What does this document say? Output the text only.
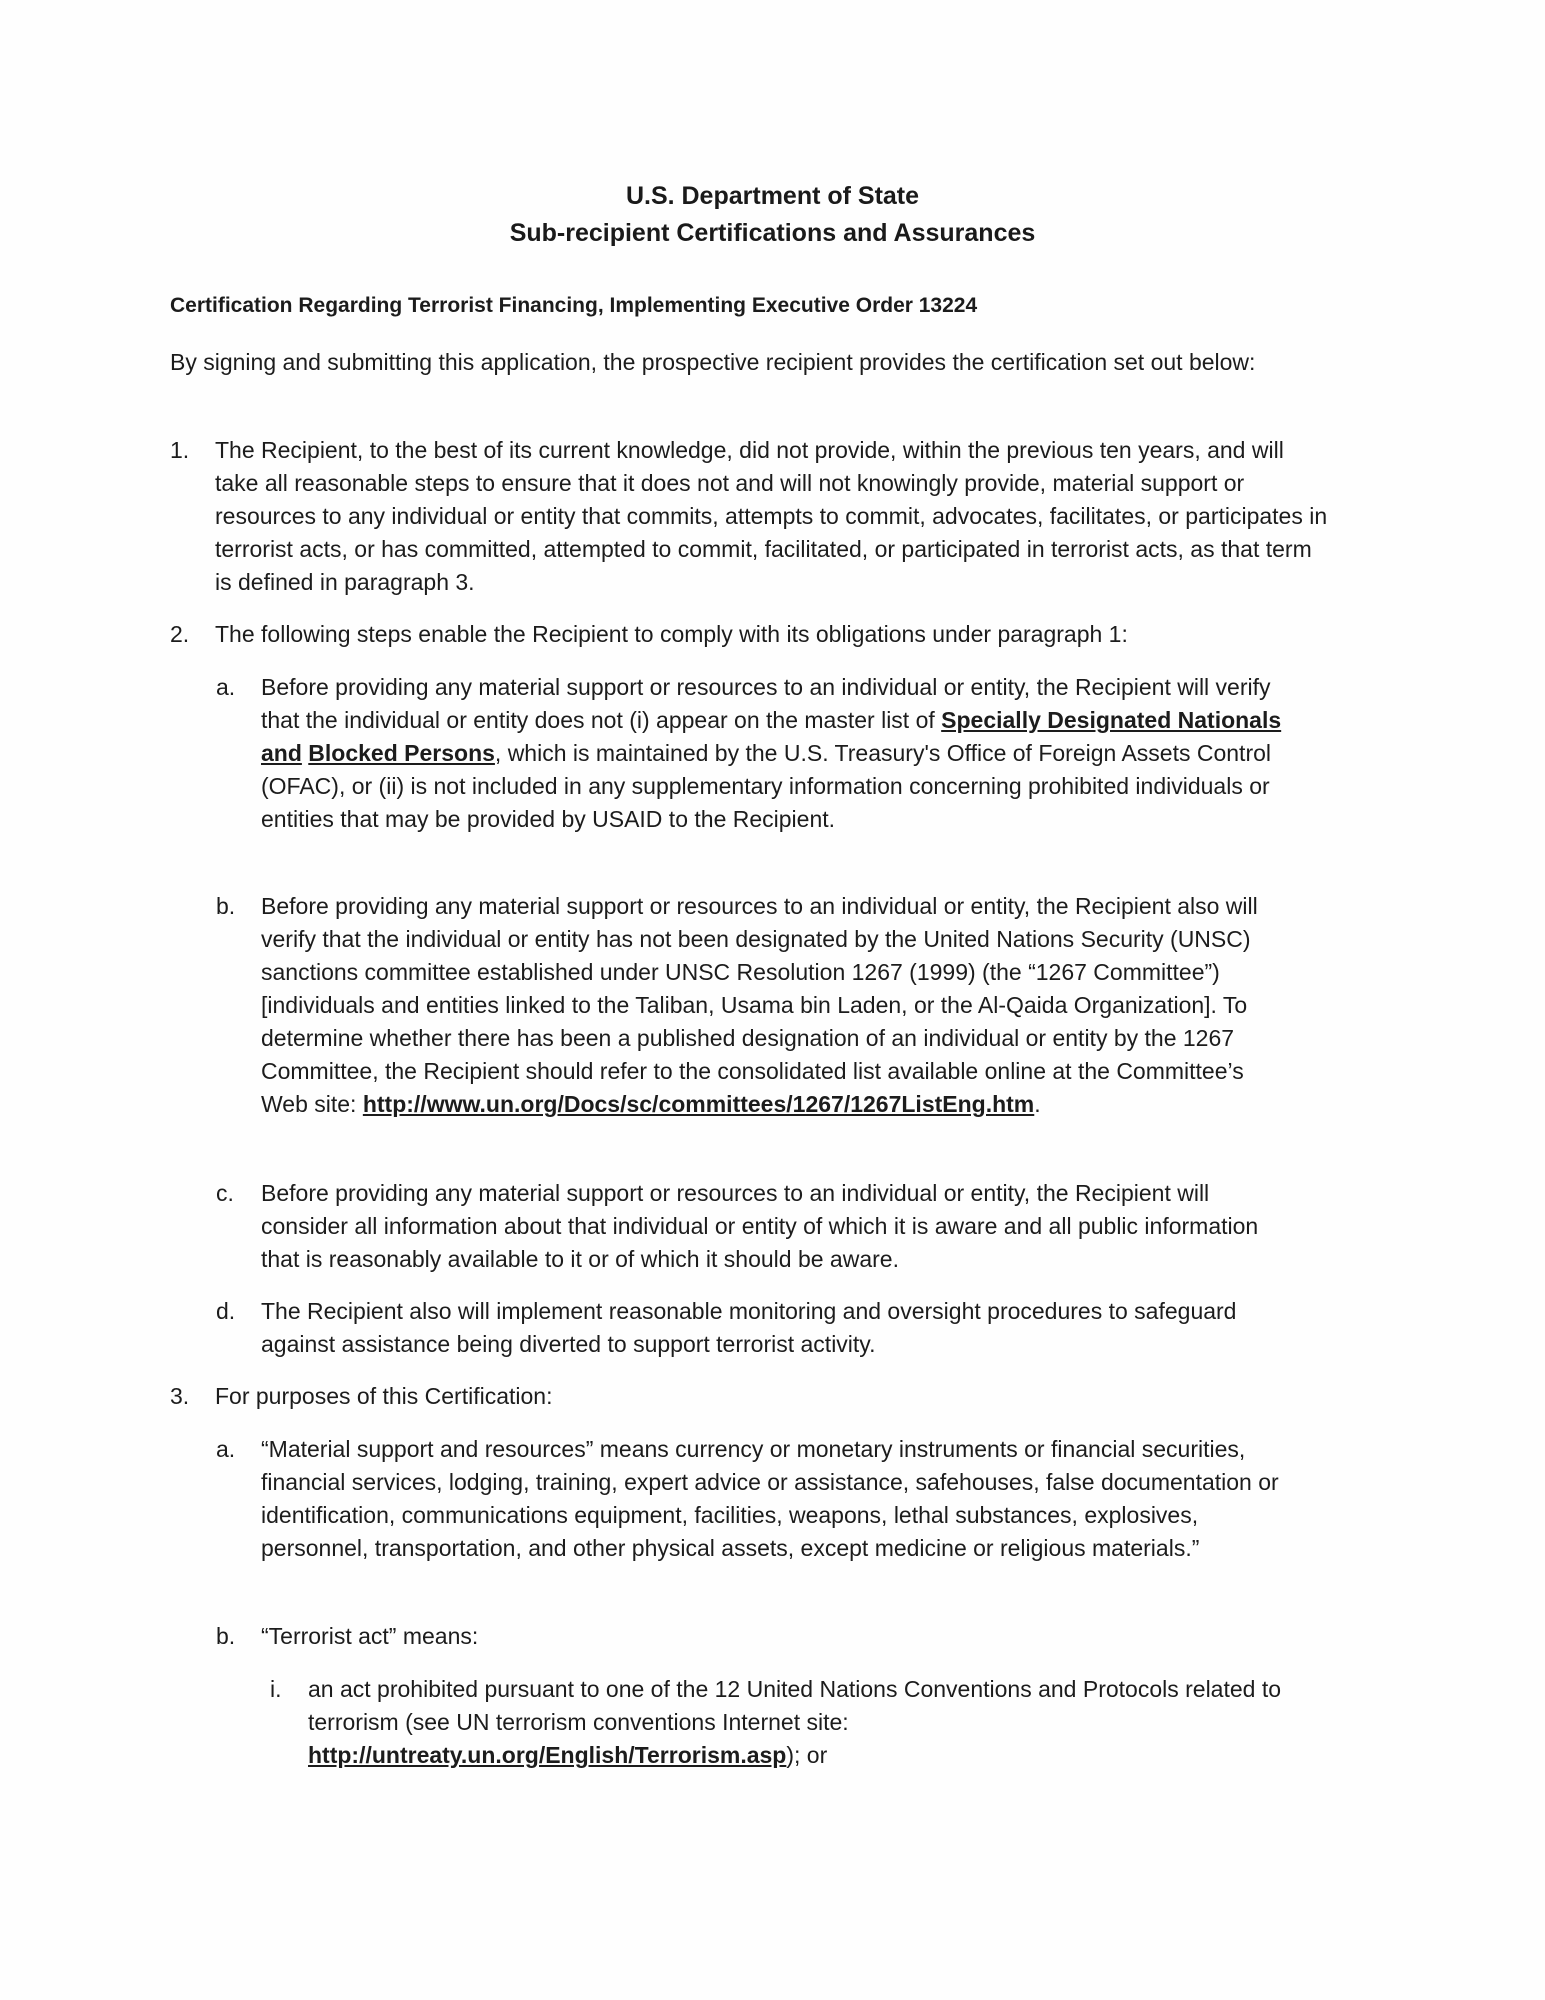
U.S. Department of State
Sub-recipient Certifications and Assurances
Certification Regarding Terrorist Financing, Implementing Executive Order 13224
By signing and submitting this application, the prospective recipient provides the certification set out below:
1. The Recipient, to the best of its current knowledge, did not provide, within the previous ten years, and will take all reasonable steps to ensure that it does not and will not knowingly provide, material support or resources to any individual or entity that commits, attempts to commit, advocates, facilitates, or participates in terrorist acts, or has committed, attempted to commit, facilitated, or participated in terrorist acts, as that term is defined in paragraph 3.
2. The following steps enable the Recipient to comply with its obligations under paragraph 1:
a. Before providing any material support or resources to an individual or entity, the Recipient will verify that the individual or entity does not (i) appear on the master list of Specially Designated Nationals and Blocked Persons, which is maintained by the U.S. Treasury's Office of Foreign Assets Control (OFAC), or (ii) is not included in any supplementary information concerning prohibited individuals or entities that may be provided by USAID to the Recipient.
b. Before providing any material support or resources to an individual or entity, the Recipient also will verify that the individual or entity has not been designated by the United Nations Security (UNSC) sanctions committee established under UNSC Resolution 1267 (1999) (the “1267 Committee”) [individuals and entities linked to the Taliban, Usama bin Laden, or the Al-Qaida Organization]. To determine whether there has been a published designation of an individual or entity by the 1267 Committee, the Recipient should refer to the consolidated list available online at the Committee’s Web site: http://www.un.org/Docs/sc/committees/1267/1267ListEng.htm.
c. Before providing any material support or resources to an individual or entity, the Recipient will consider all information about that individual or entity of which it is aware and all public information that is reasonably available to it or of which it should be aware.
d. The Recipient also will implement reasonable monitoring and oversight procedures to safeguard against assistance being diverted to support terrorist activity.
3. For purposes of this Certification:
a. “Material support and resources” means currency or monetary instruments or financial securities, financial services, lodging, training, expert advice or assistance, safehouses, false documentation or identification, communications equipment, facilities, weapons, lethal substances, explosives, personnel, transportation, and other physical assets, except medicine or religious materials.”
b. “Terrorist act” means:
i. an act prohibited pursuant to one of the 12 United Nations Conventions and Protocols related to terrorism (see UN terrorism conventions Internet site: http://untreaty.un.org/English/Terrorism.asp); or
